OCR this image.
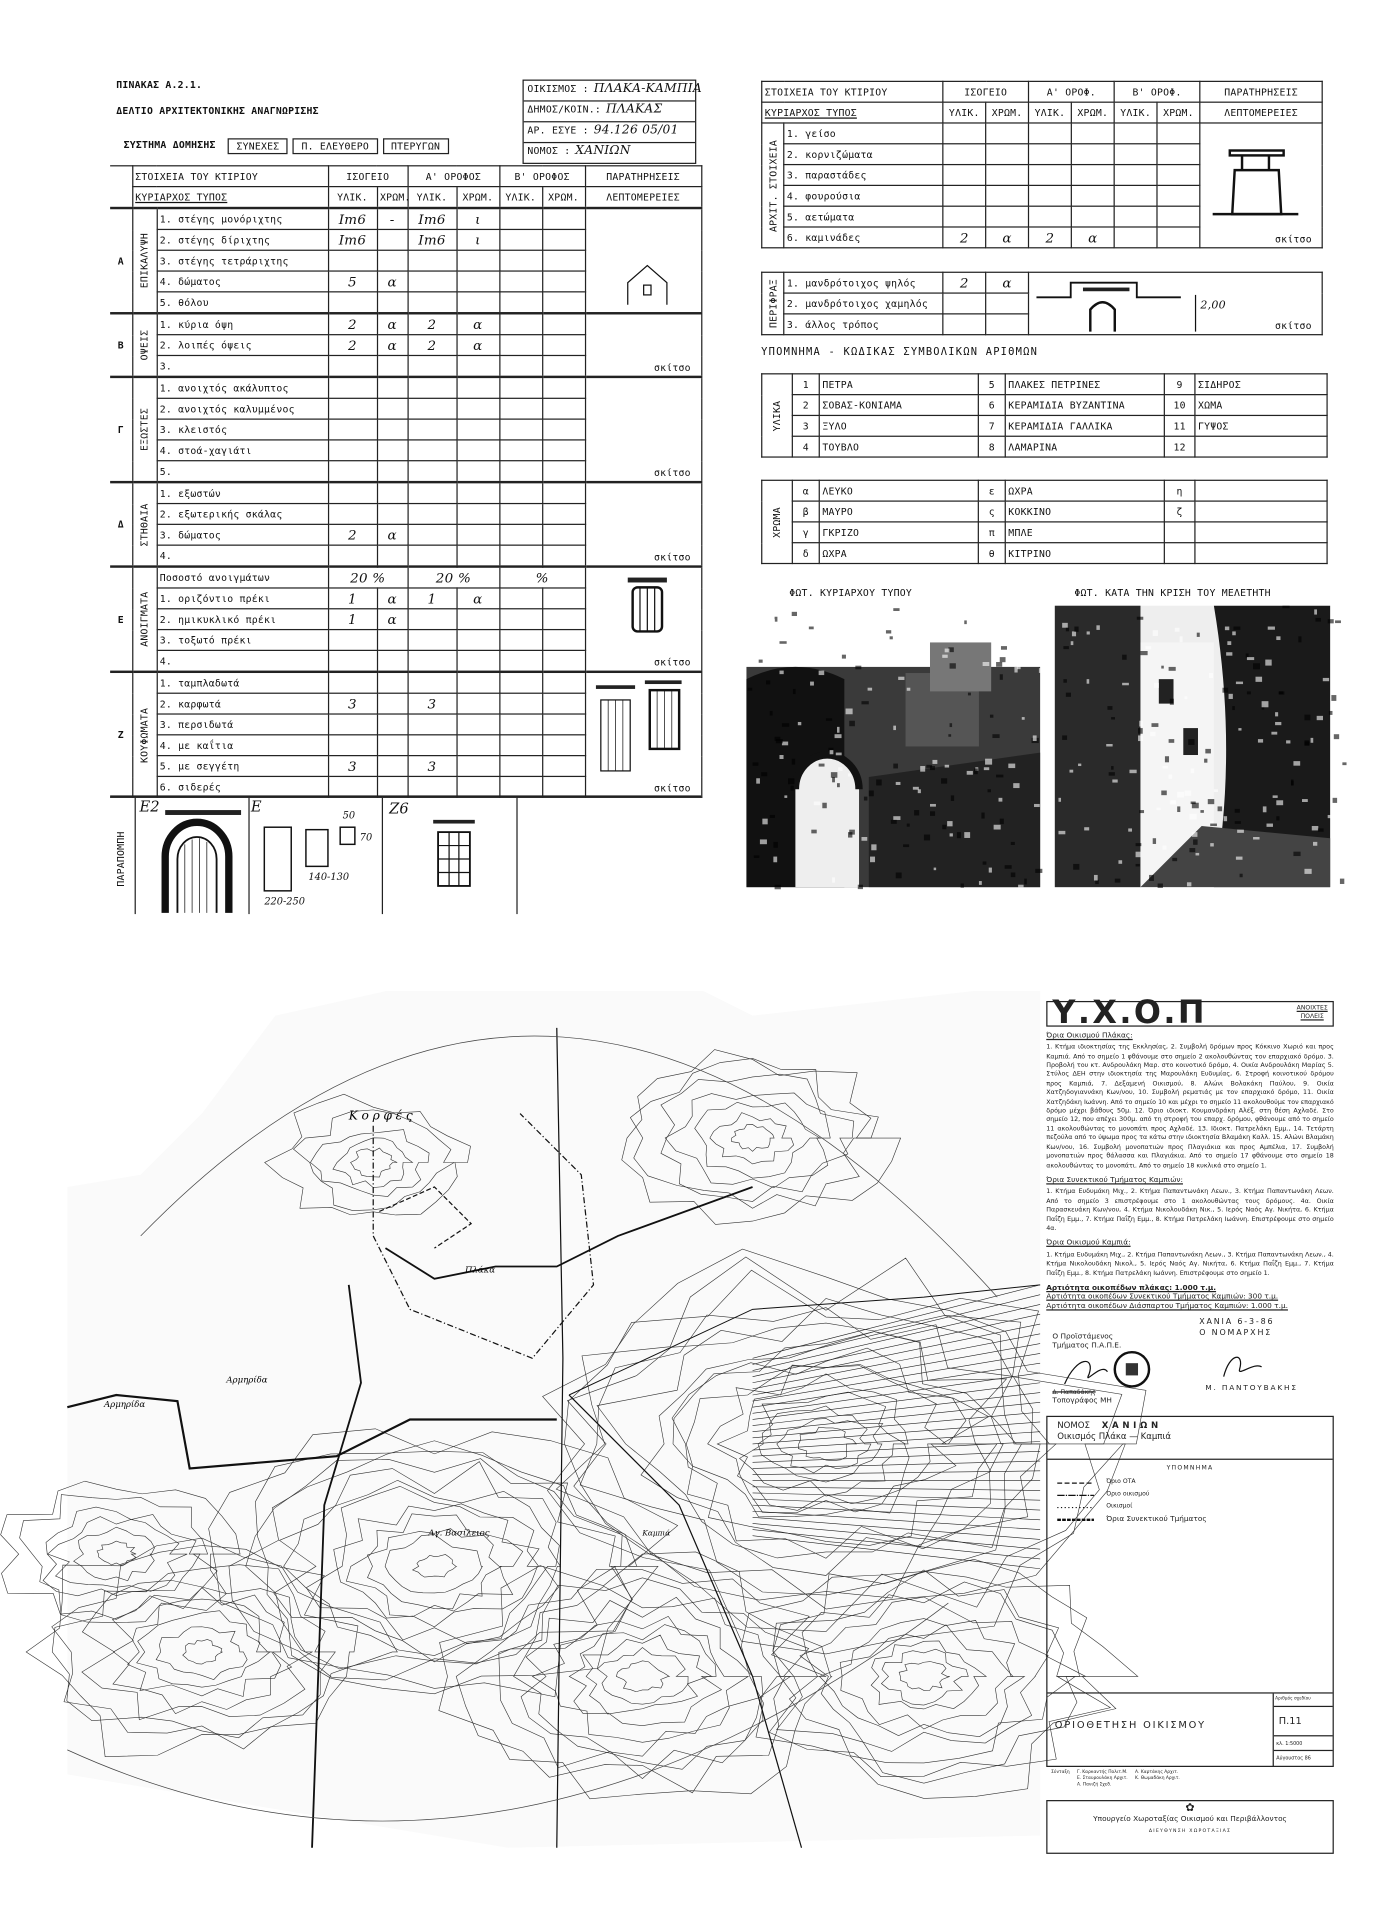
ΠΙΝΑΚΑΣ Α.2.1.
ΔΕΛΤΙΟ ΑΡΧΙΤΕΚΤΟΝΙΚΗΣ ΑΝΑΓΝΩΡΙΣΗΣ
ΟΙΚΙΣΜΟΣ : ΠΛΑΚΑ-ΚΑΜΠΙΑ
ΔΗΜΟΣ/ΚΟΙΝ.: ΠΛΑΚΑΣ
ΑΡ. ΕΣΥΕ : 94.126 05/01
ΝΟΜΟΣ : ΧΑΝΙΩΝ
ΣΥΣΤΗΜΑ ΔΟΜΗΣΗΣ	ΣΥΝΕΧΕΣ	Π. ΕΛΕΥΘΕΡΟ	ΠΤΕΡΥΓΩΝ
	ΣΤΟΙΧΕΙΑ ΤΟΥ ΚΤΙΡΙΟΥ		ΙΣΟΓΕΙΟ		Α' ΟΡΟΦΟΣ		Β' ΟΡΟΦΟΣ		ΠΑΡΑΤΗΡΗΣΕΙΣ
	ΚΥΡΙΑΡΧΟΣ ΤΥΠΟΣ		ΥΛΙΚ.	ΧΡΩΜ.	ΥΛΙΚ.	ΧΡΩΜ.	ΥΛΙΚ.	ΧΡΩΜ.	ΛΕΠΤΟΜΕΡΕΙΕΣ
Α	ΕΠΙΚΑΛΥΨΗ	1. στέγης μονόριχτης	Ιm6	-	Ιm6	ι			

		2. στέγης δίριχτης	Ιm6		Ιm6	ι			
		3. στέγης τετράριχτης							
		4. δώματος	5	α					
		5. θόλου							
Β	ΟΨΕΙΣ	1. κύρια όψη	2	α	2	α			σκίτσο

		2. λοιπές όψεις	2	α	2	α			
		3.							
Γ	ΕΞΩΣΤΕΣ	1. ανοιχτός ακάλυπτος							σκίτσο

		2. ανοιχτός καλυμμένος							
		3. κλειστός							
		4. στοά-χαγιάτι							
		5.							
Δ	ΣΤΗΘΑΙΑ	1. εξωστών							σκίτσο

		2. εξωτερικής σκάλας							
		3. δώματος	2	α					
		4.							
Ε	ΑΝΟΙΓΜΑΤΑ	Ποσοστό ανοιγμάτων	20 %		20 %		%		σκίτσο

		1. οριζόντιο πρέκι	1	α	1	α			
		2. ημικυκλικό πρέκι	1	α					
		3. τοξωτό πρέκι							
		4.							
Ζ	ΚΟΥΦΩΜΑΤΑ	1. ταμπλαδωτά							σκίτσο

		2. καρφωτά	3		3				
		3. περσιδωτά							
		4. με καΐτια							
		5. με σεγγέτη	3		3				
		6. σιδερές							
ΠΑΡΑΠΟΜΠΗ
Ε2	Ε
220-250
140-130
50
70
Ζ6
ΣΤΟΙΧΕΙΑ ΤΟΥ ΚΤΙΡΙΟΥ		ΙΣΟΓΕΙΟ		Α' ΟΡΟΦ.		Β' ΟΡΟΦ.		ΠΑΡΑΤΗΡΗΣΕΙΣ
ΚΥΡΙΑΡΧΟΣ ΤΥΠΟΣ		ΥΛΙΚ.	ΧΡΩΜ.	ΥΛΙΚ.	ΧΡΩΜ.	ΥΛΙΚ.	ΧΡΩΜ.	ΛΕΠΤΟΜΕΡΕΙΕΣ

ΑΡΧΙΤ. ΣΤΟΙΧΕΙΑ	1. γείσο							σκίτσο

	2. κορνιζώματα							
	3. παραστάδες							
	4. φουρούσια							
	5. αετώματα							
	6. καμινάδες	2	α	2	α			
ΠΕΡΙΦΡΑΞ	1. μανδρότοιχος ψηλός	2	α	σκίτσο
2,00

	2. μανδρότοιχος χαμηλός			
	3. άλλος τρόπος			
ΥΠΟΜΝΗΜΑ - ΚΩΔΙΚΑΣ ΣΥΜΒΟΛΙΚΩΝ ΑΡΙΘΜΩΝ
ΥΛΙΚΑ	1	ΠΕΤΡΑ	5	ΠΛΑΚΕΣ ΠΕΤΡΙΝΕΣ	9	ΣΙΔΗΡΟΣ
	2	ΣΟΒΑΣ-ΚΟΝΙΑΜΑ	6	ΚΕΡΑΜΙΔΙΑ ΒΥΖΑΝΤΙΝΑ	10	ΧΩΜΑ
	3	ΞΥΛΟ	7	ΚΕΡΑΜΙΔΙΑ ΓΑΛΛΙΚΑ	11	ΓΥΨΟΣ
	4	ΤΟΥΒΛΟ	8	ΛΑΜΑΡΙΝΑ	12	
ΧΡΩΜΑ	α	ΛΕΥΚΟ	ε	ΩΧΡΑ	η	
	β	ΜΑΥΡΟ	ς	ΚΟΚΚΙΝΟ	ζ	
	γ	ΓΚΡΙΖΟ	π	ΜΠΛΕ		
	δ	ΩΧΡΑ	θ	ΚΙΤΡΙΝΟ		
ΦΩΤ. ΚΥΡΙΑΡΧΟΥ ΤΥΠΟΥ	ΦΩΤ. ΚΑΤΑ ΤΗΝ ΚΡΙΣΗ ΤΟΥ ΜΕΛΕΤΗΤΗ
Κορφές
Πλάκα
Αρμηρίδα
Αρμηρίδα
Αγ. Βασίλειος	Καμπιά
Υ.Χ.Ο.Π	ΑΝΟΙΧΤΕΣ
ΠΟΛΕΙΣ
Όρια Οικισμού Πλάκας:
1. Κτήμα ιδιοκτησίας της Εκκλησίας, 2. Συμβολή δρόμων προς Κόκκινο Χωριό και προς Καμπιά. Από το σημείο 1 φθάνουμε στο σημείο 2 ακολουθώντας τον επαρχιακό δρόμο. 3. Προβολή του κτ. Ανδρουλάκη Μαρ. στο κοινοτικό δρόμο, 4. Οικία Ανδρουλάκη Μαρίας 5. Στύλος ΔΕΗ στην ιδιοκτησία της Μαρουλάκη Ευδυμίας, 6. Στροφή κοινοτικού δρόμου προς Καμπιά, 7. Δεξαμενή Οικισμού, 8. Αλώνι Βολακάκη Παύλου, 9. Οικία Χατζηδογιαννάκη Κων/νου, 10. Συμβολή ρεματιάς με τον επαρχιακό δρόμο, 11. Οικία Χατζηδάκη Ιωάννη. Από το σημείο 10 και μέχρι το σημείο 11 ακολουθούμε τον επαρχιακό δρόμο μέχρι βάθους 50μ. 12. Όριο ιδιοκτ. Κουμανδράκη Αλέξ. στη θέση Αχλαδέ. Στο σημείο 12, που απέχει 300μ. από τη στροφή του επαρχ. δρόμου, φθάνουμε από το σημείο 11 ακολουθώντας το μονοπάτι προς Αχλαδέ. 13. Ιδιοκτ. Πατρελάκη Εμμ., 14. Τετάρτη πεζούλα από το ύψωμα προς τα κάτω στην ιδιοκτησία Βλαμάκη Καλλ. 15. Αλώνι Βλαμάκη Κων/νου, 16. Συμβολή μονοπατιών προς Πλαγιάκια και προς Αμπέλια, 17. Συμβολή μονοπατιών προς θάλασσα και Πλαγιάκια. Από το σημείο 17 φθάνουμε στο σημείο 18 ακολουθώντας το μονοπάτι. Από το σημείο 18 κυκλικά στο σημείο 1.
Όρια Συνεκτικού Τμήματος Καμπιών:
1. Κτήμα Ευδυμάκη Μιχ., 2. Κτήμα Παπαντωνάκη Λεων., 3. Κτήμα Παπαντωνάκη Λεων. Από το σημείο 3 επιστρέφουμε στο 1 ακολουθώντας τους δρόμους. 4α. Οικία Παρασκευάκη Κων/νου, 4. Κτήμα Νικολουδάκη Νικ., 5. Ιερός Ναός Αγ. Νικήτα, 6. Κτήμα Παΐζη Εμμ., 7. Κτήμα Παΐζη Εμμ., 8. Κτήμα Πατρελάκη Ιωάννη. Επιστρέφουμε στο σημείο 4α.
Όρια Οικισμού Καμπιά:
1. Κτήμα Ευδυμάκη Μιχ., 2. Κτήμα Παπαντωνάκη Λεων., 3. Κτήμα Παπαντωνάκη Λεων., 4. Κτήμα Νικολουδάκη Νικολ., 5. Ιερός Ναός Αγ. Νικήτα, 6. Κτήμα Παΐζη Εμμ., 7. Κτήμα Παΐζη Εμμ., 8. Κτήμα Πατρελάκη Ιωάννη. Επιστρέφουμε στο σημείο 1.
Αρτιότητα οικοπέδων πλάκας: 1.000 τ.μ.
Αρτιότητα οικοπέδων Συνεκτικού Τμήματος Καμπιών: 300 τ.μ.
Αρτιότητα οικοπέδων Διάσπαρτου Τμήματος Καμπιών: 1.000 τ.μ.
ΧΑΝΙΑ 6-3-86
Ο ΝΟΜΑΡΧΗΣ
Ο Προϊστάμενος
Τμήματος Π.Α.Π.Ε.
Δ. Παπαδάκης
Τοπογράφος ΜΗ
Μ. ΠΑΝΤΟΥΒΑΚΗΣ
ΝΟΜΟΣ ΧΑΝΙΩΝ
Οικισμός Πλάκα — Καμπιά
ΥΠΟΜΝΗΜΑ
Όριο ΟΤΑ
Όριο οικισμού
Οικισμοί
Όρια Συνεκτικού Τμήματος
ΟΡΙΟΘΕΤΗΣΗ ΟΙΚΙΣΜΟΥ
Αριθμός σχεδίου
Π.11
κλ. 1:5000
Αύγουστος 86
Σύνταξη Γ. Καρκαντής Πολιτ.Μ.
Ε. Σταυρουλάκη Αρχιτ.
Α. Πανιζή Σχεδ.
Α. Καρτάκης Αρχιτ.
Κ. Θωμαδάκη Αρχιτ.
✿
Υπουργείο Χωροταξίας Οικισμού και Περιβάλλοντος
ΔΙΕΥΘΥΝΣΗ ΧΩΡΟΤΑΞΙΑΣ
